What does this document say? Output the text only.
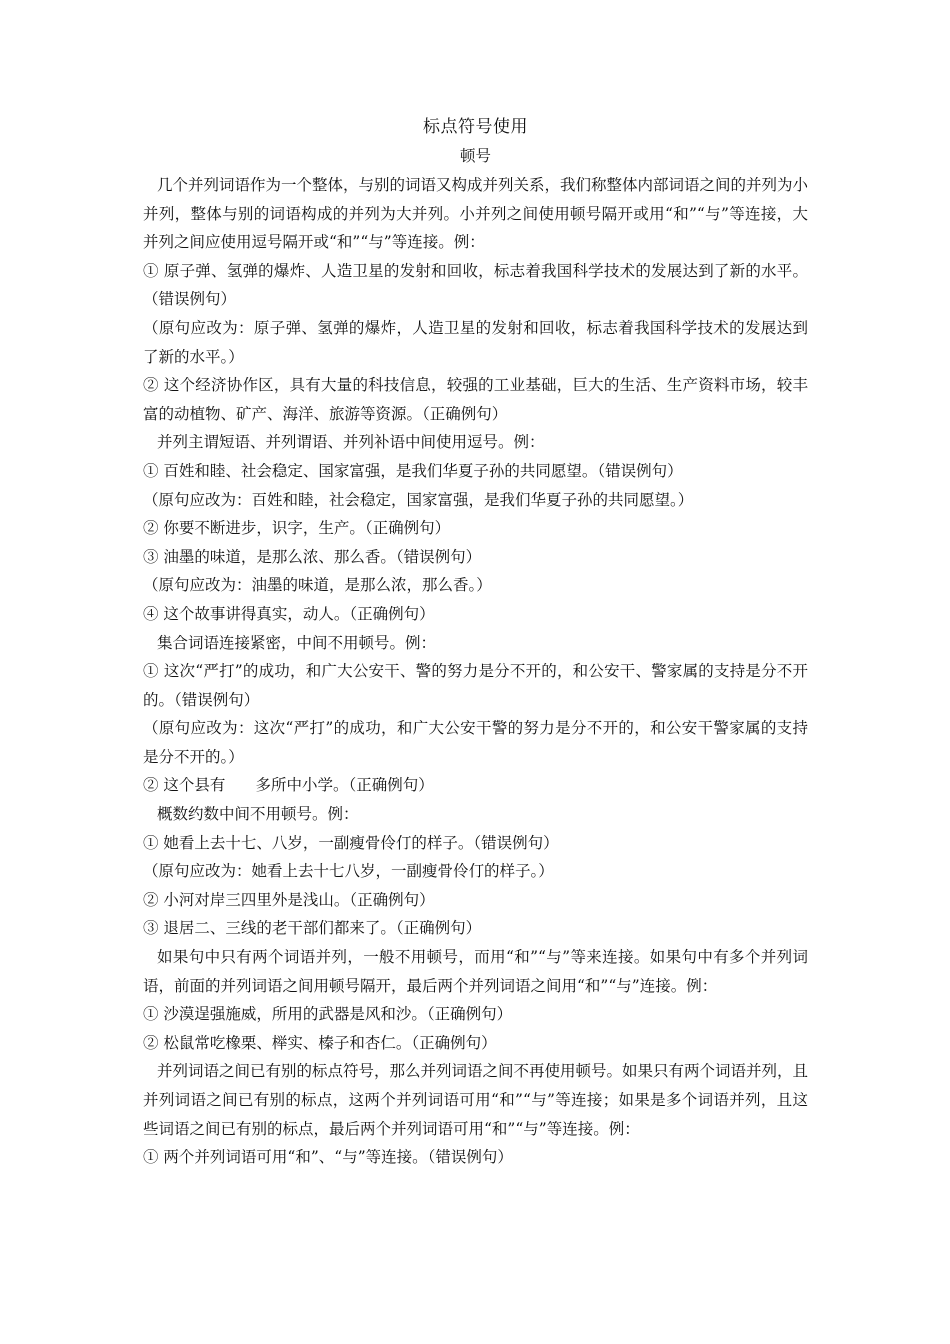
标点符号使用
顿号

几个并列词语作为一个整体，与别的词语又构成并列关系，我们称整体内部词语之间的并列为小并列，整体与别的词语构成的并列为大并列。小并列之间使用顿号隔开或用“和”“与”等连接，大并列之间应使用逗号隔开或“和”“与”等连接。例：

① 原子弹、氢弹的爆炸、人造卫星的发射和回收，标志着我国科学技术的发展达到了新的水平。（错误例句）

（原句应改为：原子弹、氢弹的爆炸，人造卫星的发射和回收，标志着我国科学技术的发展达到了新的水平。）

② 这个经济协作区，具有大量的科技信息，较强的工业基础，巨大的生活、生产资料市场，较丰富的动植物、矿产、海洋、旅游等资源。（正确例句）

并列主谓短语、并列谓语、并列补语中间使用逗号。例：

① 百姓和睦、社会稳定、国家富强，是我们华夏子孙的共同愿望。（错误例句）

（原句应改为：百姓和睦，社会稳定，国家富强，是我们华夏子孙的共同愿望。）

② 你要不断进步，识字，生产。（正确例句）

③ 油墨的味道，是那么浓、那么香。（错误例句）

（原句应改为：油墨的味道，是那么浓，那么香。）

④ 这个故事讲得真实，动人。（正确例句）

集合词语连接紧密，中间不用顿号。例：

① 这次“严打”的成功，和广大公安干、警的努力是分不开的，和公安干、警家属的支持是分不开的。（错误例句）

（原句应改为：这次“严打”的成功，和广大公安干警的努力是分不开的，和公安干警家属的支持是分不开的。）

② 这个县有 多所中小学。（正确例句）

概数约数中间不用顿号。例：

① 她看上去十七、八岁，一副瘦骨伶仃的样子。（错误例句）

（原句应改为：她看上去十七八岁，一副瘦骨伶仃的样子。）

② 小河对岸三四里外是浅山。（正确例句）

③ 退居二、三线的老干部们都来了。（正确例句）

如果句中只有两个词语并列，一般不用顿号，而用“和”“与”等来连接。如果句中有多个并列词语，前面的并列词语之间用顿号隔开，最后两个并列词语之间用“和”“与”连接。例：

① 沙漠逞强施威，所用的武器是风和沙。（正确例句）

② 松鼠常吃橡栗、榉实、榛子和杏仁。（正确例句）

并列词语之间已有别的标点符号，那么并列词语之间不再使用顿号。如果只有两个词语并列，且并列词语之间已有别的标点，这两个并列词语可用“和”“与”等连接；如果是多个词语并列，且这些词语之间已有别的标点，最后两个并列词语可用“和”“与”等连接。例：

① 两个并列词语可用“和”、“与”等连接。（错误例句）
